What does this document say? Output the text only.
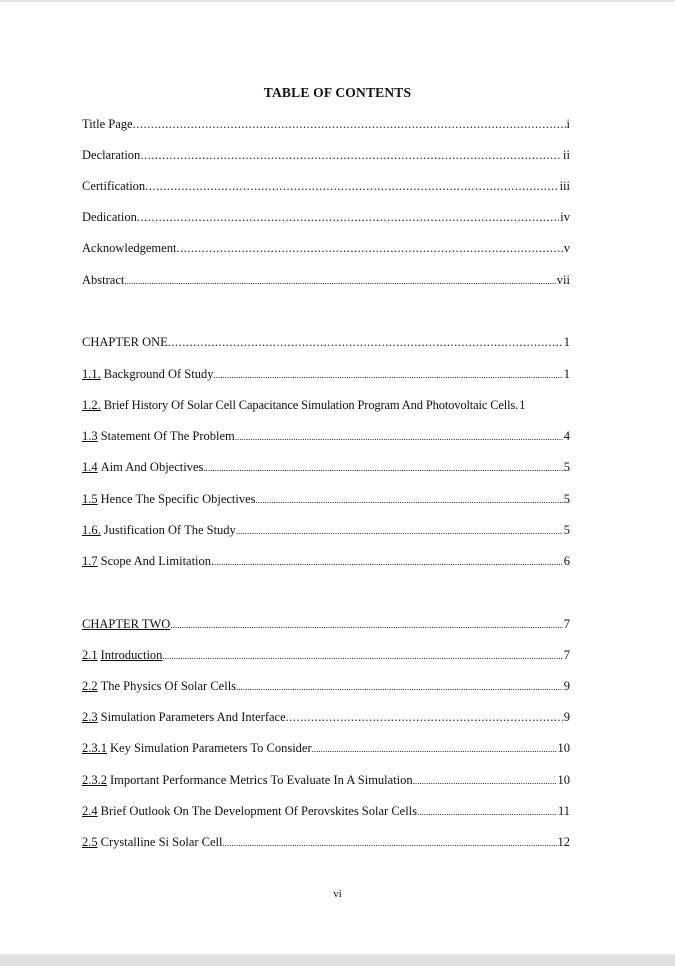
TABLE OF CONTENTS
Title Page .....	i
Declaration .....	ii
Certification .....	iii
Dedication .....	iv
Acknowledgement .....	v
Abstract .....	vii
CHAPTER ONE .....	1
1.1. Background Of Study .....	1
1.2. Brief History Of Solar Cell Capacitance Simulation Program And Photovoltaic Cells. 1
1.3 Statement Of The Problem .....	4
1.4 Aim And Objectives .....	5
1.5 Hence The Specific Objectives .....	5
1.6. Justification Of The Study .....	5
1.7 Scope And Limitation. .....	6
CHAPTER TWO .....	7
2.1 Introduction .....	7
2.2 The Physics Of Solar Cells .....	9
2.3 Simulation Parameters And Interface .....	9
2.3.1 Key Simulation Parameters To Consider .....	10
2.3.2 Important Performance Metrics To Evaluate In A Simulation .....	10
2.4 Brief Outlook On The Development Of Perovskites Solar Cells .....	11
2.5 Crystalline Si Solar Cell .....	12
vi
